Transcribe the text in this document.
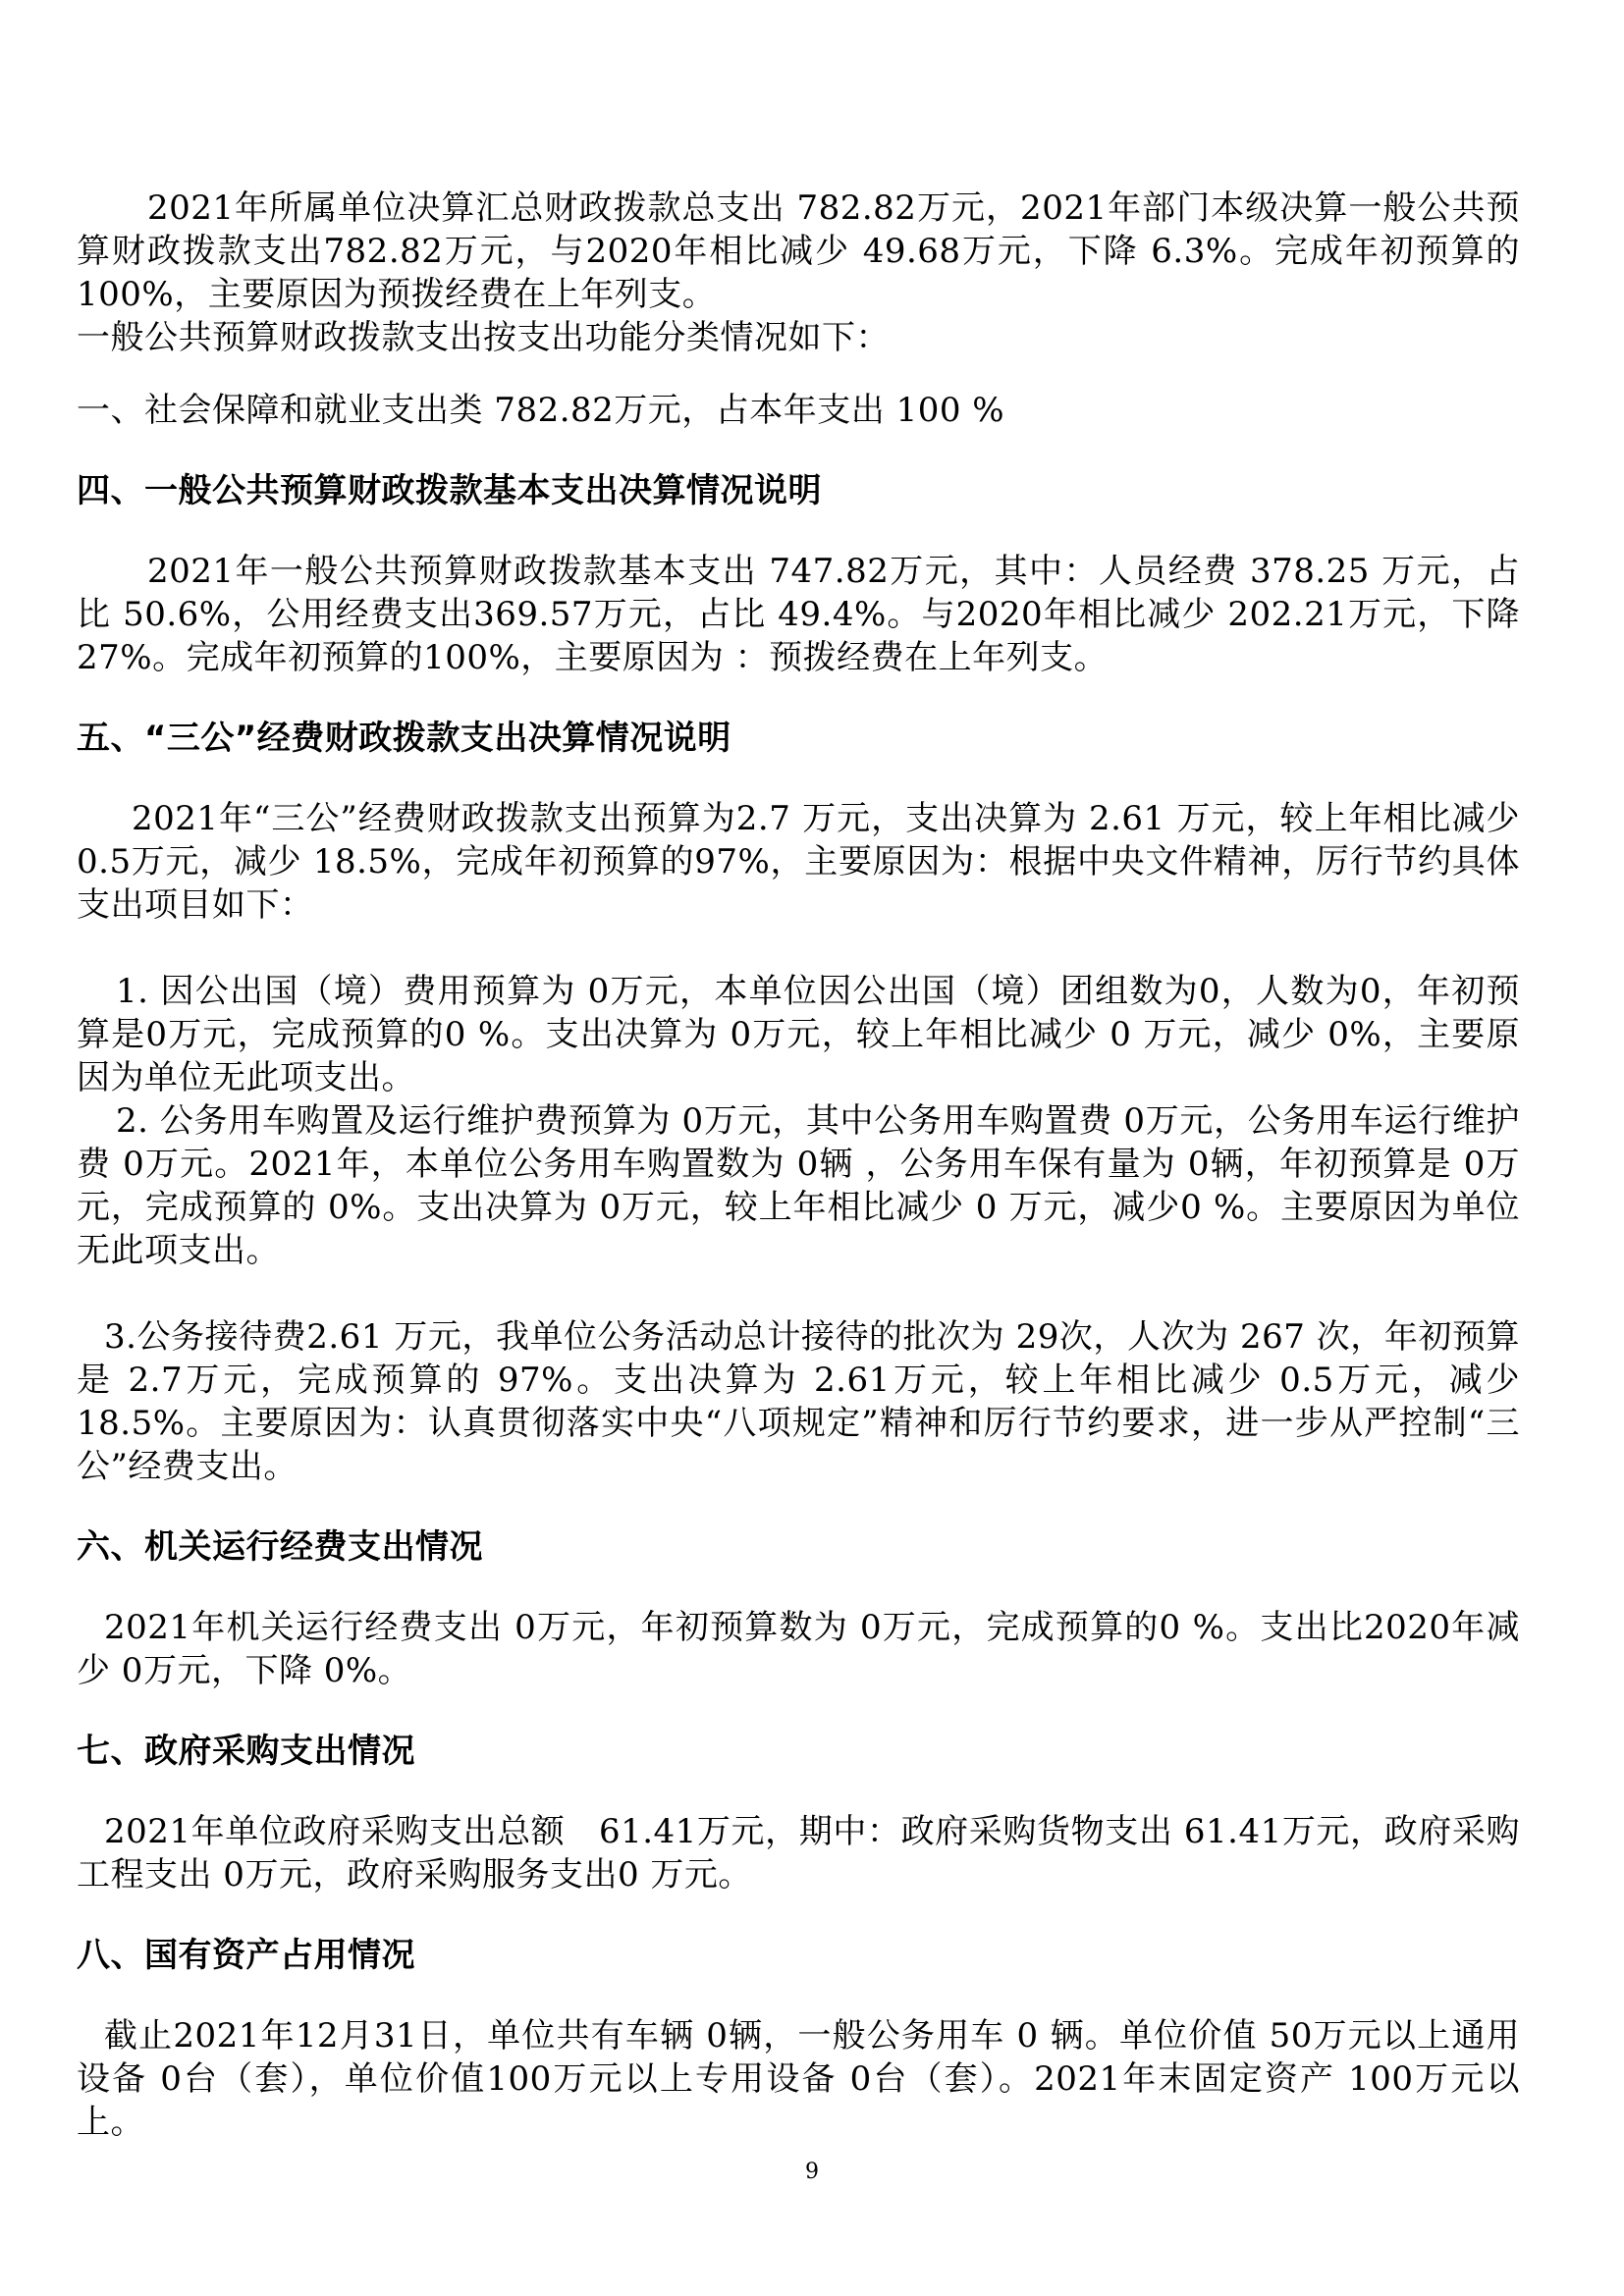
2021年所属单位决算汇总财政拨款总支出 782.82万元，2021年部门本级决算一般公共预算财政拨款支出782.82万元，与2020年相比减少 49.68万元，下降 6.3%。完成年初预算的100%，主要原因为预拨经费在上年列支。

一般公共预算财政拨款支出按支出功能分类情况如下：

一、社会保障和就业支出类 782.82万元，占本年支出 100 %

四、一般公共预算财政拨款基本支出决算情况说明

2021年一般公共预算财政拨款基本支出 747.82万元，其中：人员经费 378.25 万元，占比 50.6%，公用经费支出369.57万元，占比 49.4%。与2020年相比减少 202.21万元，下降27%。完成年初预算的100%，主要原因为 ：预拨经费在上年列支。

五、“三公”经费财政拨款支出决算情况说明

2021年“三公”经费财政拨款支出预算为2.7 万元，支出决算为 2.61 万元，较上年相比减少 0.5万元，减少 18.5%，完成年初预算的97%，主要原因为：根据中央文件精神，厉行节约具体支出项目如下：

1. 因公出国（境）费用预算为 0万元，本单位因公出国（境）团组数为0，人数为0，年初预算是0万元，完成预算的0 %。支出决算为 0万元，较上年相比减少 0 万元，减少 0%，主要原因为单位无此项支出。

2. 公务用车购置及运行维护费预算为 0万元，其中公务用车购置费 0万元，公务用车运行维护费 0万元。2021年，本单位公务用车购置数为 0辆 ，公务用车保有量为 0辆，年初预算是 0万元，完成预算的 0%。支出决算为 0万元，较上年相比减少 0 万元，减少0 %。主要原因为单位无此项支出。

3.公务接待费2.61 万元，我单位公务活动总计接待的批次为 29次，人次为 267 次，年初预算是 2.7万元，完成预算的 97%。支出决算为 2.61万元，较上年相比减少 0.5万元，减少 18.5%。主要原因为：认真贯彻落实中央“八项规定”精神和厉行节约要求，进一步从严控制“三公”经费支出。

六、机关运行经费支出情况

2021年机关运行经费支出 0万元，年初预算数为 0万元，完成预算的0 %。支出比2020年减少 0万元，下降 0%。

七、政府采购支出情况

2021年单位政府采购支出总额　61.41万元，期中：政府采购货物支出 61.41万元，政府采购工程支出 0万元，政府采购服务支出0 万元。

八、国有资产占用情况

截止2021年12月31日，单位共有车辆 0辆，一般公务用车 0 辆。单位价值 50万元以上通用设备 0台（套），单位价值100万元以上专用设备 0台（套）。2021年末固定资产 100万元以上。

9
